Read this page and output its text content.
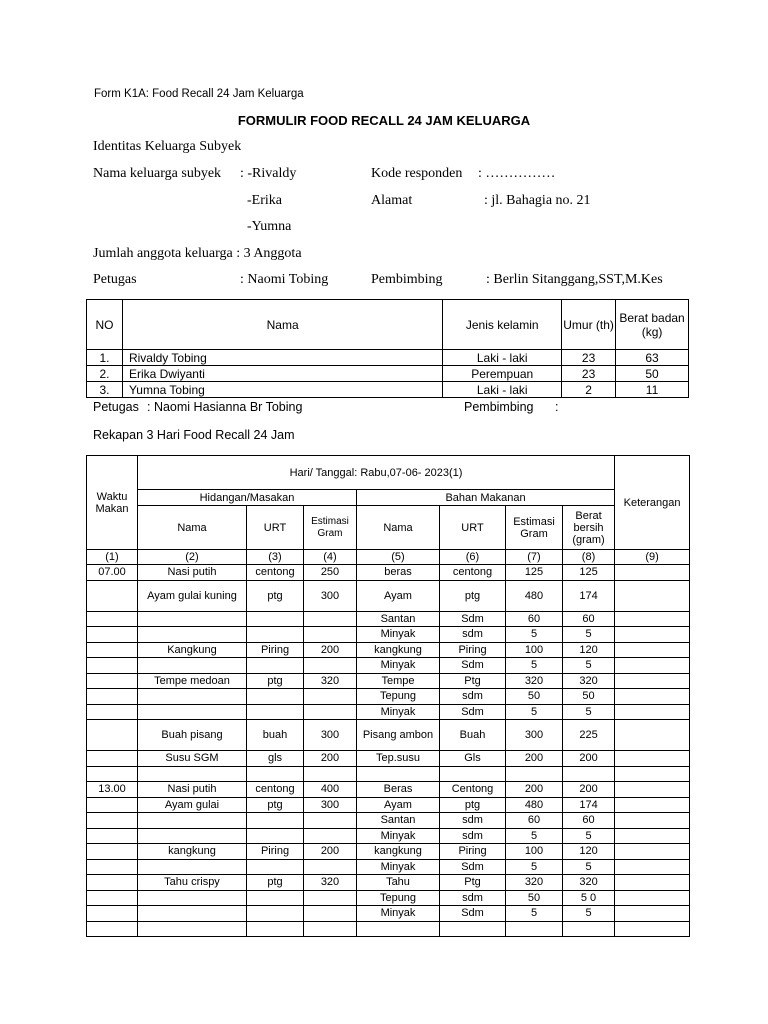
Form K1A: Food Recall 24 Jam Keluarga
FORMULIR FOOD RECALL 24 JAM KELUARGA
Identitas Keluarga Subyek
Nama keluarga subyek : -Rivaldy
-Erika
-Yumna
Kode responden : ……………
Alamat	: jl. Bahagia no. 21
Jumlah anggota keluarga : 3 Anggota
Petugas	: Naomi Tobing	Pembimbing	: Berlin Sitanggang,SST,M.Kes
NO	Nama	Jenis kelamin	Umur (th)	Berat badan (kg)
1.	Rivaldy Tobing	Laki - laki	23	63
2.	Erika Dwiyanti	Perempuan	23	50
3.	Yumna Tobing	Laki - laki	2	11
Petugas : Naomi Hasianna Br Tobing	Pembimbing :
Rekapan 3 Hari Food Recall 24 Jam
Waktu Makan	Hari/ Tanggal: Rabu,07-06- 2023(1)							Keterangan
	Hidangan/Masakan			Bahan Makanan				
	Nama	URT	Estimasi Gram	Nama	URT	Estimasi Gram	Berat bersih (gram)	
(1)	(2)	(3)	(4)	(5)	(6)	(7)	(8)	(9)
07.00	Nasi putih	centong	250	beras	centong	125	125	
	Ayam gulai kuning	ptg	300	Ayam	ptg	480	174	
				Santan	Sdm	60	60	
				Minyak	sdm	5	5	
	Kangkung	Piring	200	kangkung	Piring	100	120	
				Minyak	Sdm	5	5	
	Tempe medoan	ptg	320	Tempe	Ptg	320	320	
				Tepung	sdm	50	50	
				Minyak	Sdm	5	5	
	Buah pisang	buah	300	Pisang ambon	Buah	300	225	
	Susu SGM	gls	200	Tep.susu	Gls	200	200	

13.00	Nasi putih	centong	400	Beras	Centong	200	200	
	Ayam gulai	ptg	300	Ayam	ptg	480	174	
				Santan	sdm	60	60	
				Minyak	sdm	5	5	
	kangkung	Piring	200	kangkung	Piring	100	120	
				Minyak	Sdm	5	5	
	Tahu crispy	ptg	320	Tahu	Ptg	320	320	
				Tepung	sdm	50	5 0	
				Minyak	Sdm	5	5	
